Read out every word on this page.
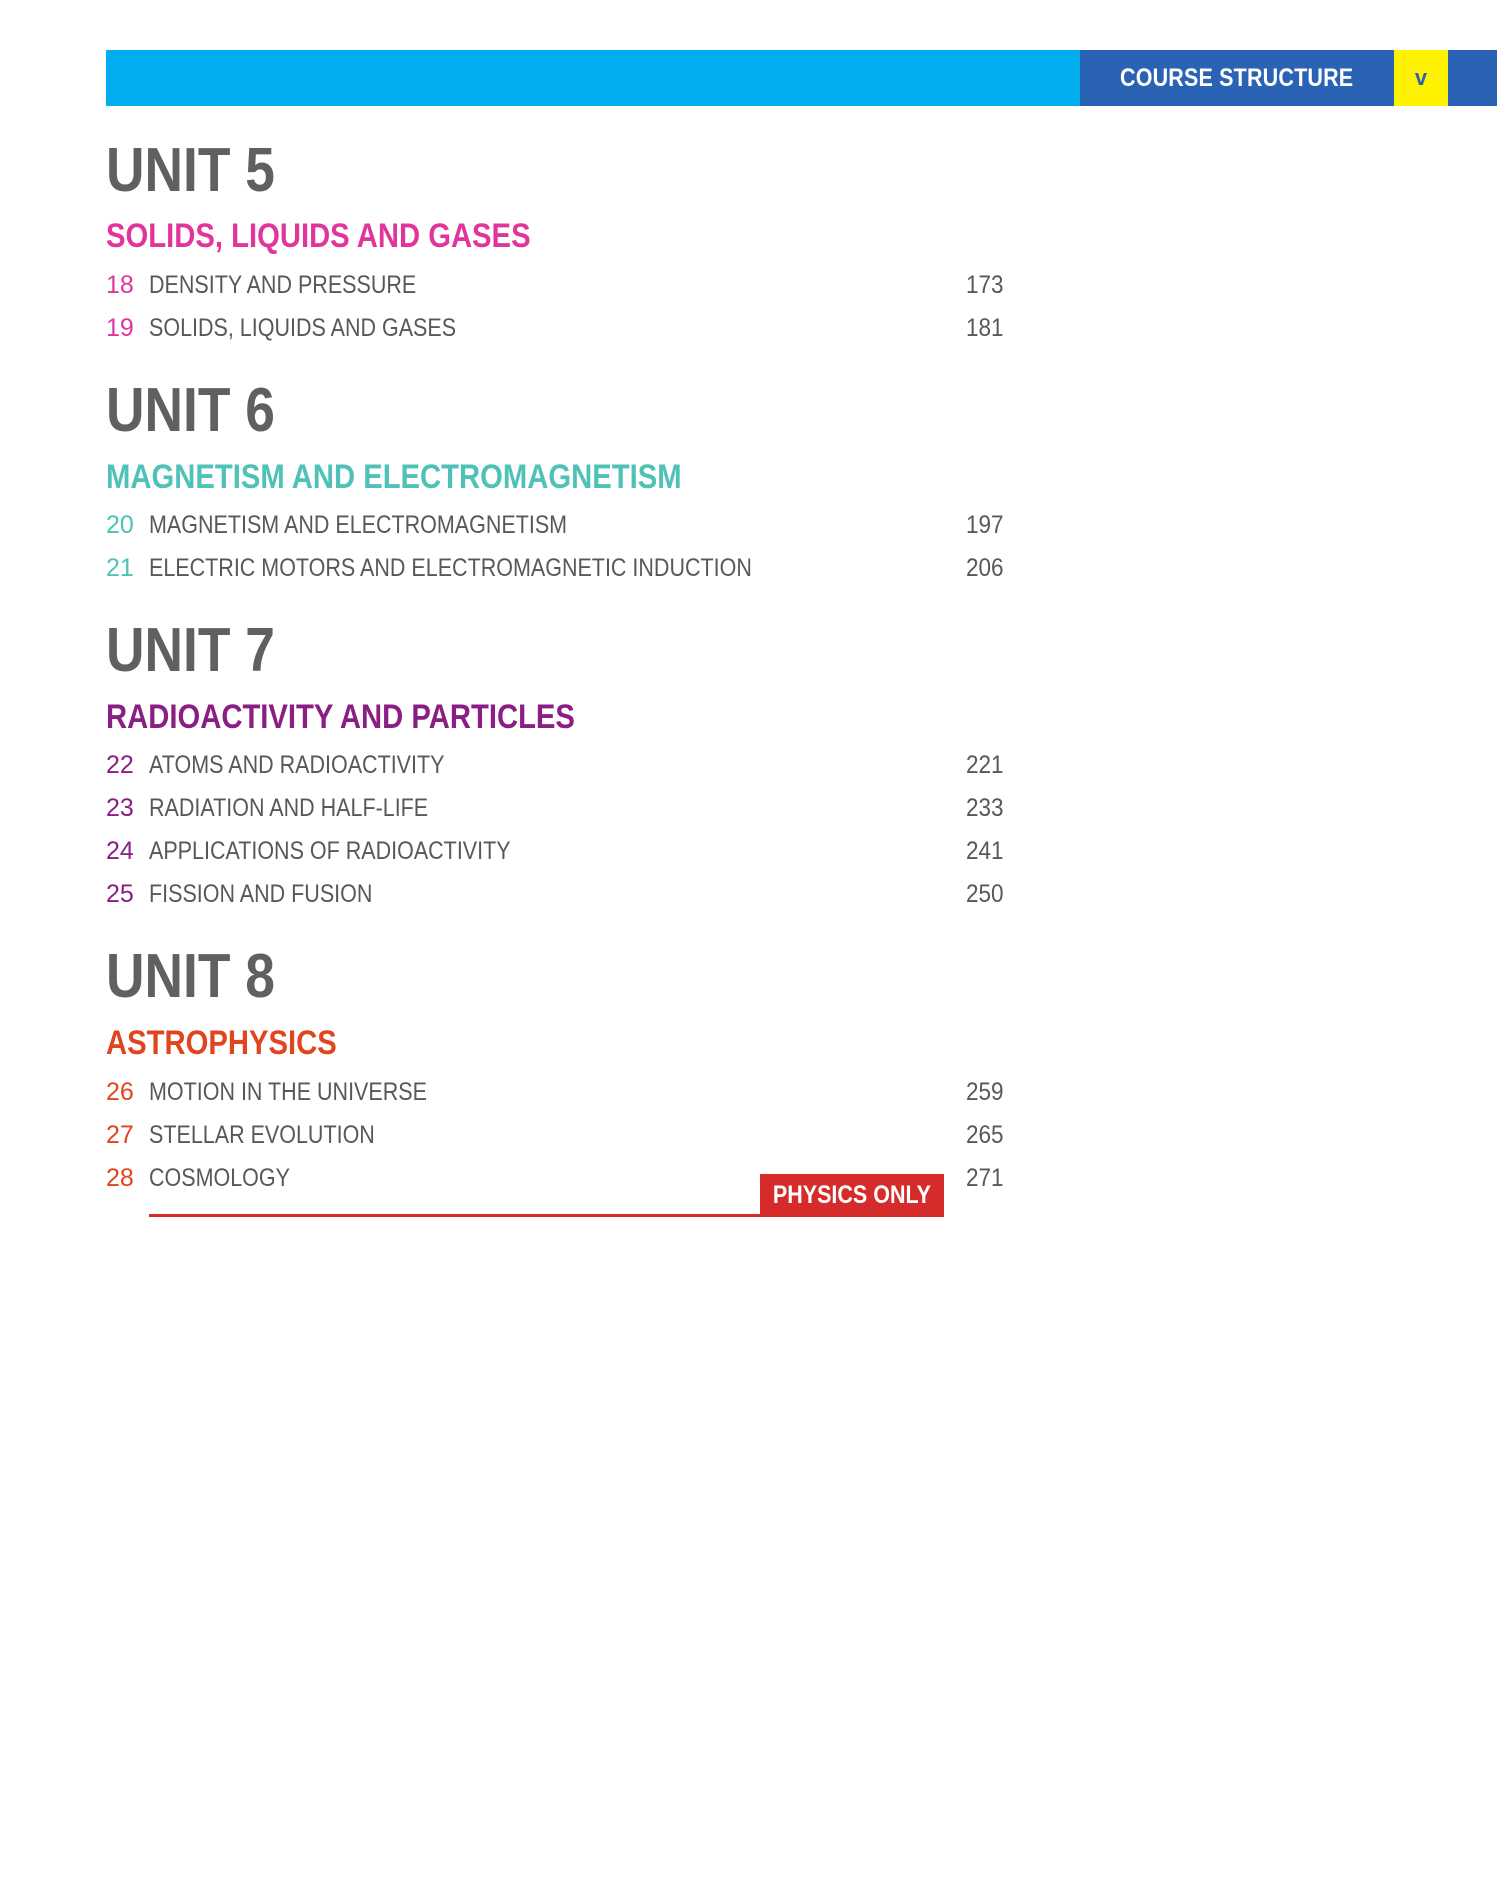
COURSE STRUCTURE	v
UNIT 5
SOLIDS, LIQUIDS AND GASES
18 DENSITY AND PRESSURE	173
19 SOLIDS, LIQUIDS AND GASES	181
UNIT 6
MAGNETISM AND ELECTROMAGNETISM
20 MAGNETISM AND ELECTROMAGNETISM	197
21 ELECTRIC MOTORS AND ELECTROMAGNETIC INDUCTION	206
UNIT 7
RADIOACTIVITY AND PARTICLES
22 ATOMS AND RADIOACTIVITY	221
23 RADIATION AND HALF-LIFE	233
24 APPLICATIONS OF RADIOACTIVITY	241
25 FISSION AND FUSION	250
UNIT 8
ASTROPHYSICS
26 MOTION IN THE UNIVERSE	259
27 STELLAR EVOLUTION	265
28 COSMOLOGY	271
PHYSICS ONLY
